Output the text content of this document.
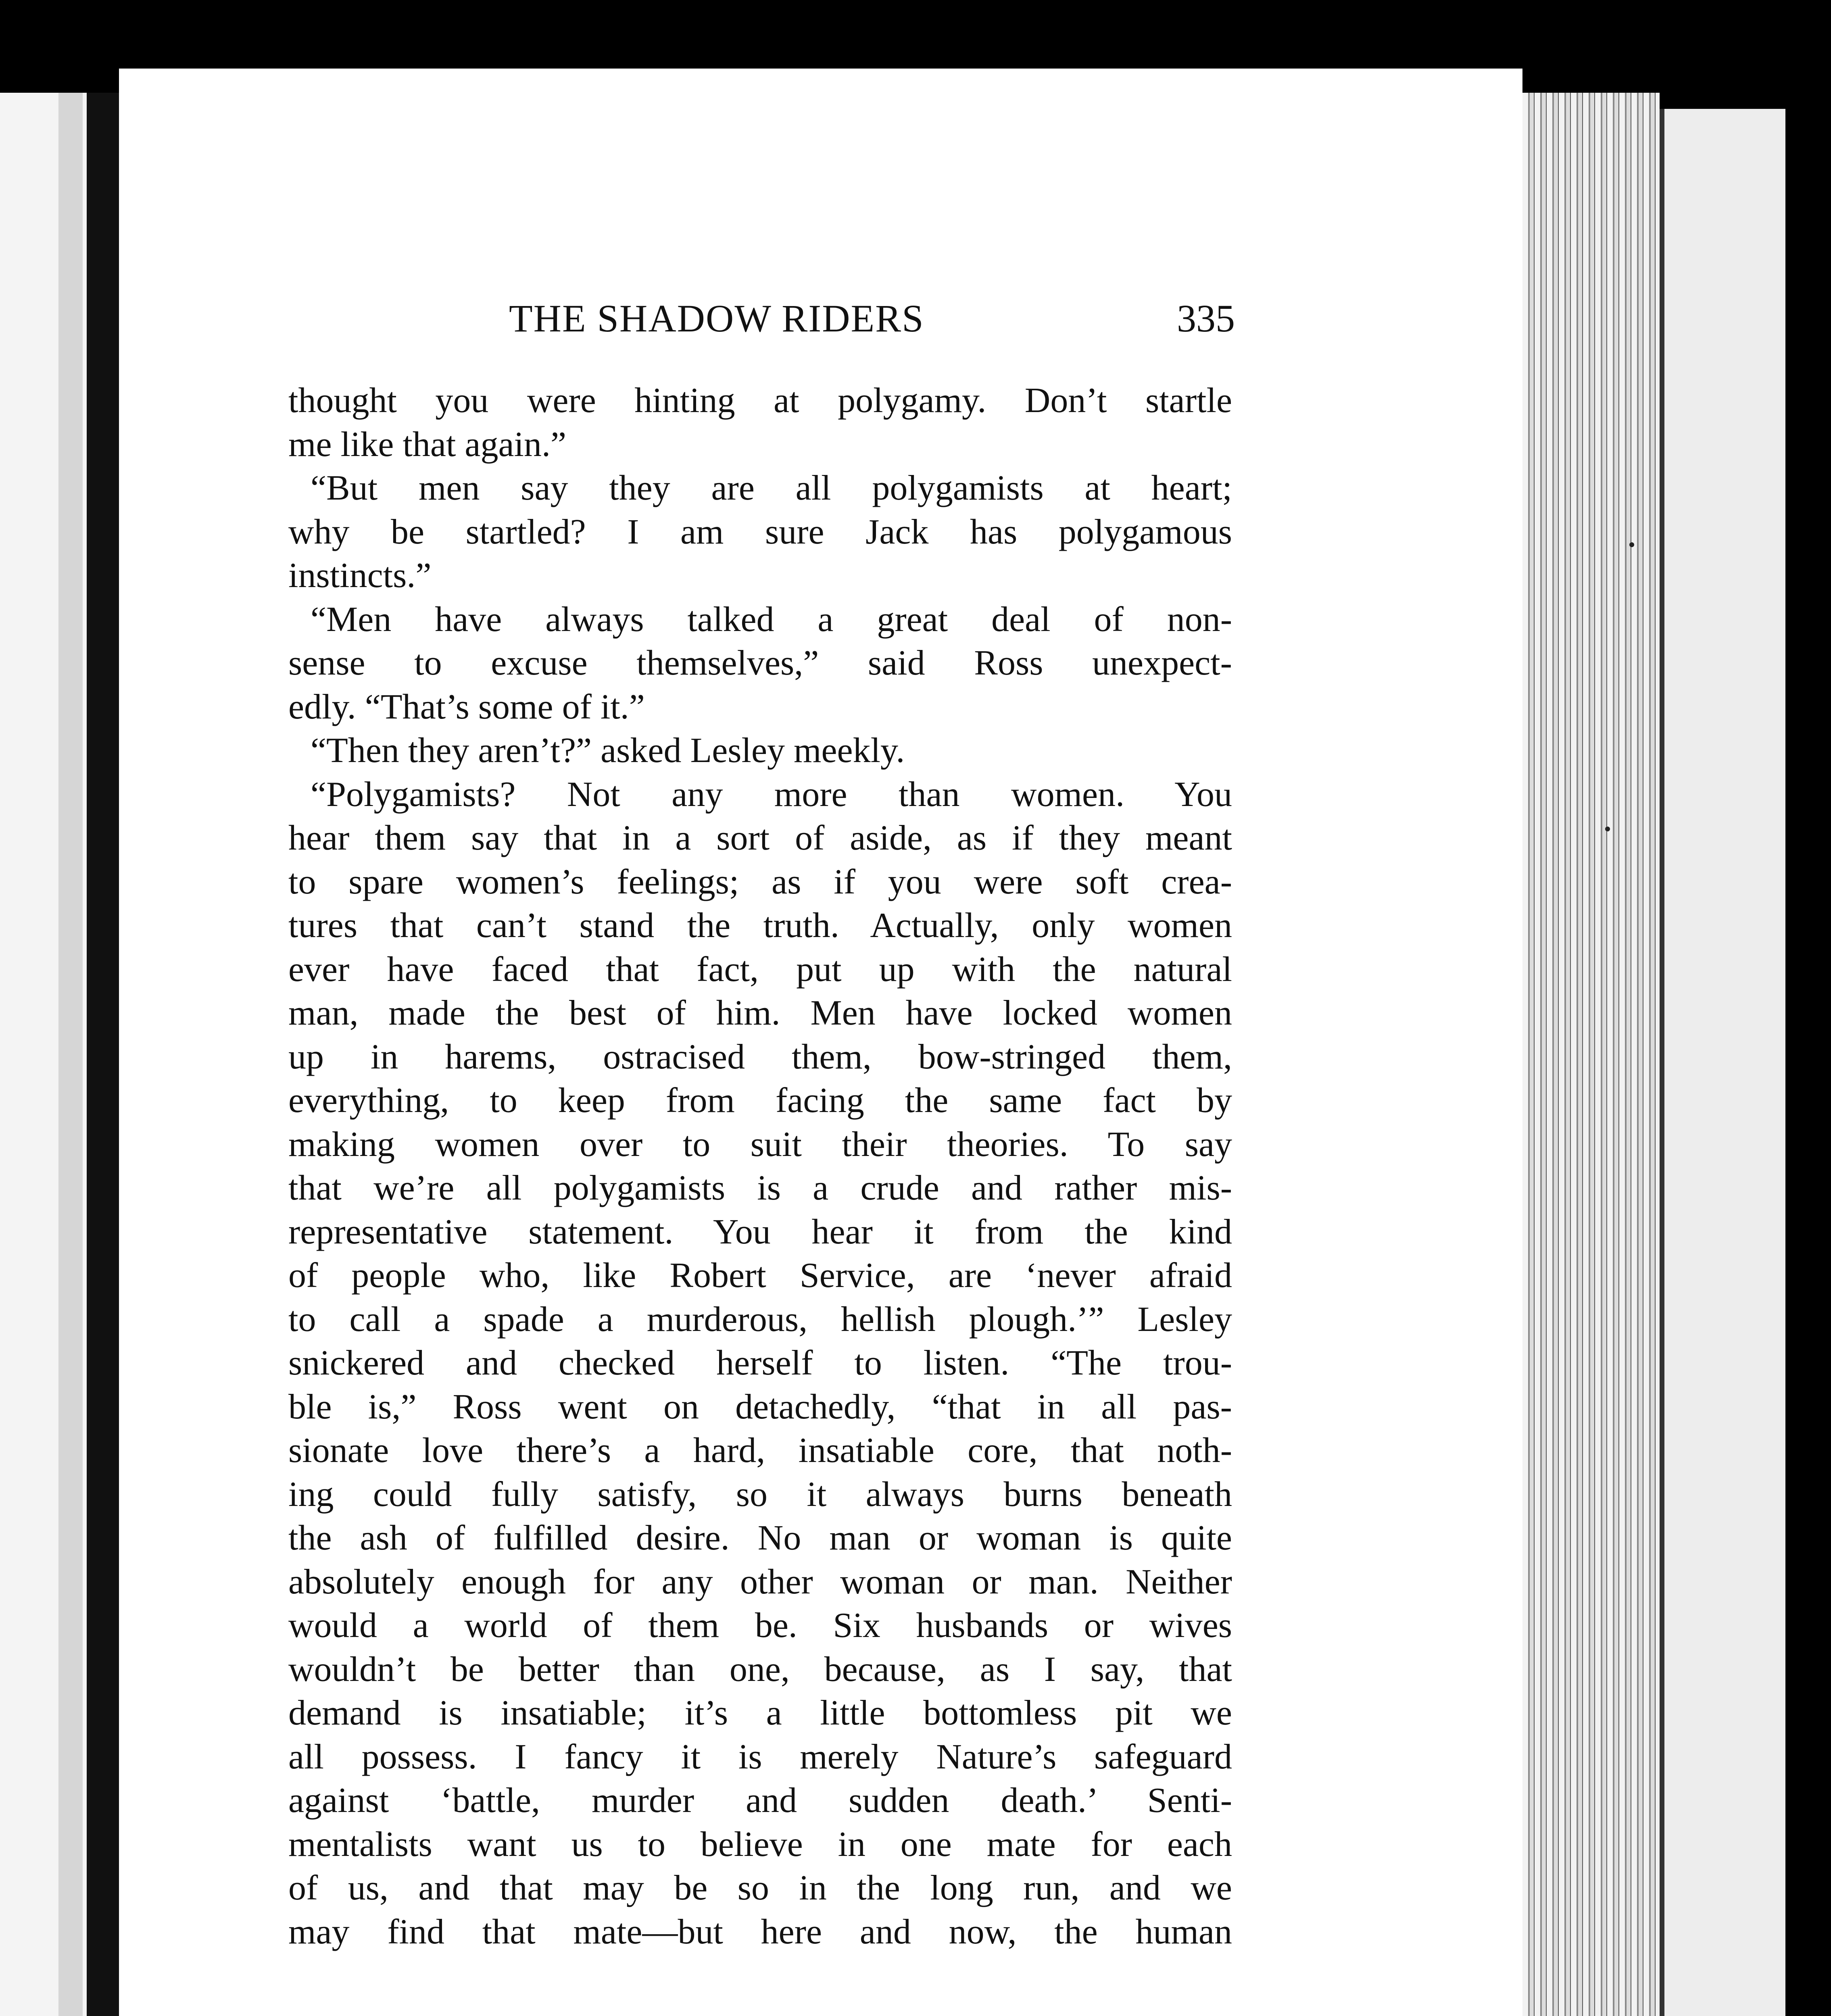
THE SHADOW RIDERS	335
thought you were hinting at polygamy. Don’t startle
me like that again.”
“But men say they are all polygamists at heart;
why be startled? I am sure Jack has polygamous
instincts.”
“Men have always talked a great deal of non-
sense to excuse themselves,” said Ross unexpect-
edly. “That’s some of it.”
“Then they aren’t?” asked Lesley meekly.
“Polygamists? Not any more than women. You
hear them say that in a sort of aside, as if they meant
to spare women’s feelings; as if you were soft crea-
tures that can’t stand the truth. Actually, only women
ever have faced that fact, put up with the natural
man, made the best of him. Men have locked women
up in harems, ostracised them, bow-stringed them,
everything, to keep from facing the same fact by
making women over to suit their theories. To say
that we’re all polygamists is a crude and rather mis-
representative statement. You hear it from the kind
of people who, like Robert Service, are ‘never afraid
to call a spade a murderous, hellish plough.’” Lesley
snickered and checked herself to listen. “The trou-
ble is,” Ross went on detachedly, “that in all pas-
sionate love there’s a hard, insatiable core, that noth-
ing could fully satisfy, so it always burns beneath
the ash of fulfilled desire. No man or woman is quite
absolutely enough for any other woman or man. Neither
would a world of them be. Six husbands or wives
wouldn’t be better than one, because, as I say, that
demand is insatiable; it’s a little bottomless pit we
all possess. I fancy it is merely Nature’s safeguard
against ‘battle, murder and sudden death.’ Senti-
mentalists want us to believe in one mate for each
of us, and that may be so in the long run, and we
may find that mate—but here and now, the human
